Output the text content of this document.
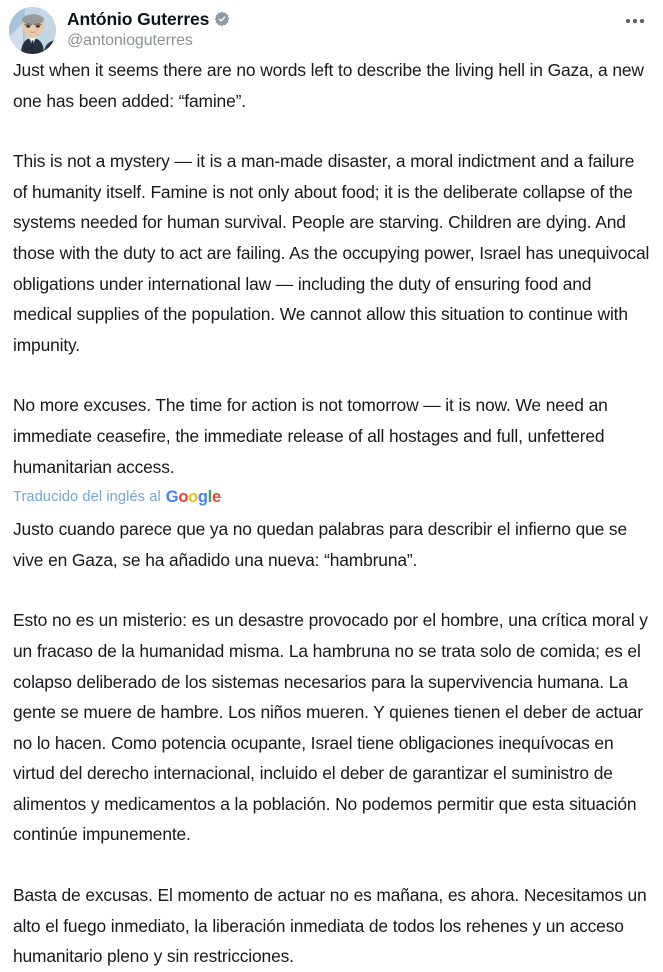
António Guterres
@antonioguterres

Just when it seems there are no words left to describe the living hell in Gaza, a new one has been added: “famine”.

This is not a mystery — it is a man-made disaster, a moral indictment and a failure of humanity itself. Famine is not only about food; it is the deliberate collapse of the systems needed for human survival. People are starving. Children are dying. And those with the duty to act are failing. As the occupying power, Israel has unequivocal obligations under international law — including the duty of ensuring food and medical supplies of the population. We cannot allow this situation to continue with impunity.

No more excuses. The time for action is not tomorrow — it is now. We need an immediate ceasefire, the immediate release of all hostages and full, unfettered humanitarian access.

Traducido del inglés al Google

Justo cuando parece que ya no quedan palabras para describir el infierno que se vive en Gaza, se ha añadido una nueva: “hambruna”.

Esto no es un misterio: es un desastre provocado por el hombre, una crítica moral y un fracaso de la humanidad misma. La hambruna no se trata solo de comida; es el colapso deliberado de los sistemas necesarios para la supervivencia humana. La gente se muere de hambre. Los niños mueren. Y quienes tienen el deber de actuar no lo hacen. Como potencia ocupante, Israel tiene obligaciones inequívocas en virtud del derecho internacional, incluido el deber de garantizar el suministro de alimentos y medicamentos a la población. No podemos permitir que esta situación continúe impunemente.

Basta de excusas. El momento de actuar no es mañana, es ahora. Necesitamos un alto el fuego inmediato, la liberación inmediata de todos los rehenes y un acceso humanitario pleno y sin restricciones.
